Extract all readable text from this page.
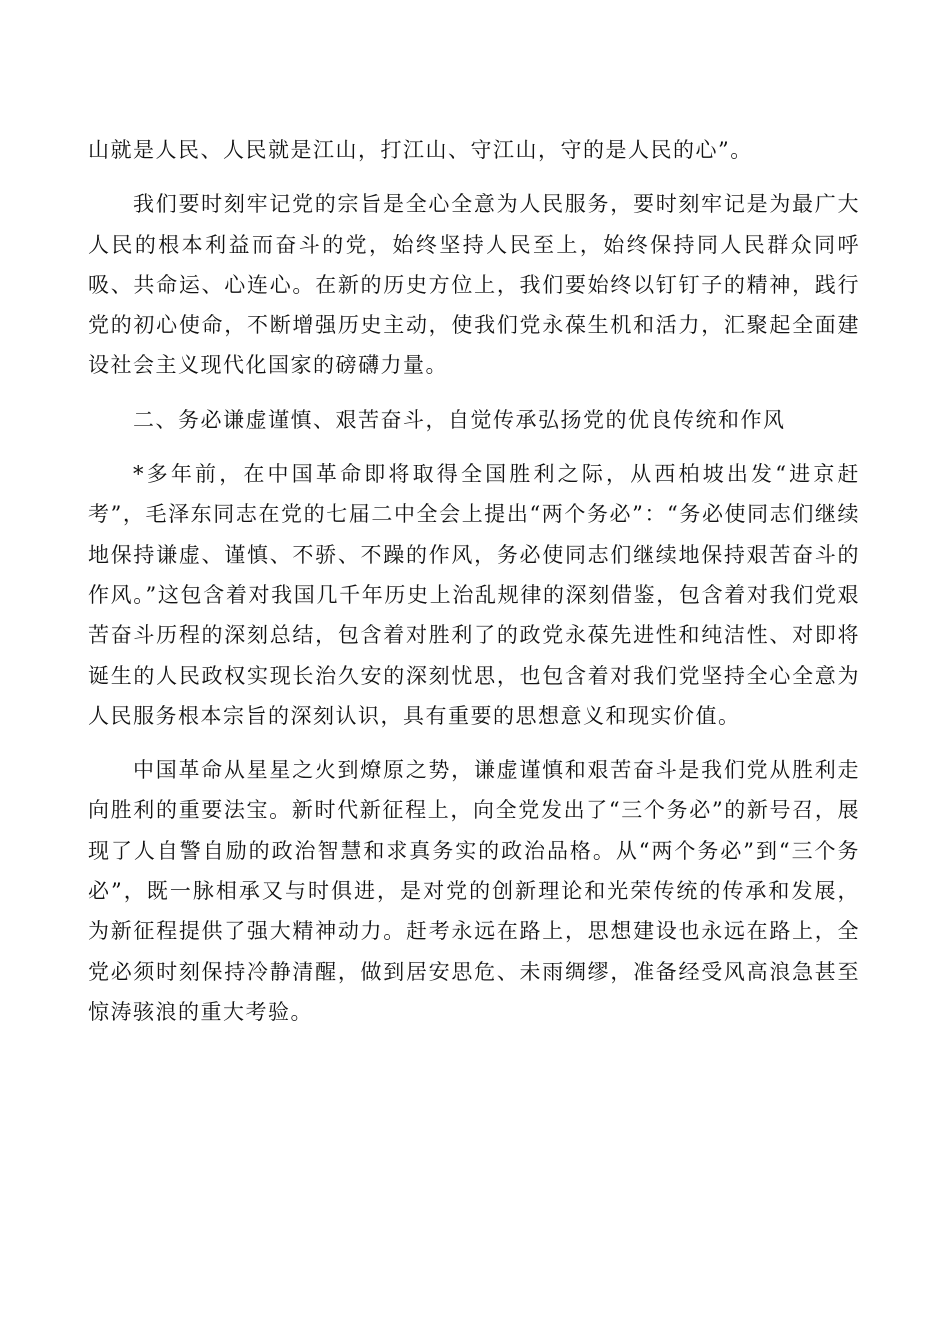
山就是人民、人民就是江山，打江山、守江山，守的是人民的心”。

我们要时刻牢记党的宗旨是全心全意为人民服务，要时刻牢记是为最广大人民的根本利益而奋斗的党，始终坚持人民至上，始终保持同人民群众同呼吸、共命运、心连心。在新的历史方位上，我们要始终以钉钉子的精神，践行党的初心使命，不断增强历史主动，使我们党永葆生机和活力，汇聚起全面建设社会主义现代化国家的磅礴力量。

二、务必谦虚谨慎、艰苦奋斗，自觉传承弘扬党的优良传统和作风

*多年前，在中国革命即将取得全国胜利之际，从西柏坡出发“进京赶考”，毛泽东同志在党的七届二中全会上提出“两个务必”：“务必使同志们继续地保持谦虚、谨慎、不骄、不躁的作风，务必使同志们继续地保持艰苦奋斗的作风。”这包含着对我国几千年历史上治乱规律的深刻借鉴，包含着对我们党艰苦奋斗历程的深刻总结，包含着对胜利了的政党永葆先进性和纯洁性、对即将诞生的人民政权实现长治久安的深刻忧思，也包含着对我们党坚持全心全意为人民服务根本宗旨的深刻认识，具有重要的思想意义和现实价值。

中国革命从星星之火到燎原之势，谦虚谨慎和艰苦奋斗是我们党从胜利走向胜利的重要法宝。新时代新征程上，向全党发出了“三个务必”的新号召，展现了人自警自励的政治智慧和求真务实的政治品格。从“两个务必”到“三个务必”，既一脉相承又与时俱进，是对党的创新理论和光荣传统的传承和发展，为新征程提供了强大精神动力。赶考永远在路上，思想建设也永远在路上，全党必须时刻保持冷静清醒，做到居安思危、未雨绸缪，准备经受风高浪急甚至惊涛骇浪的重大考验。
